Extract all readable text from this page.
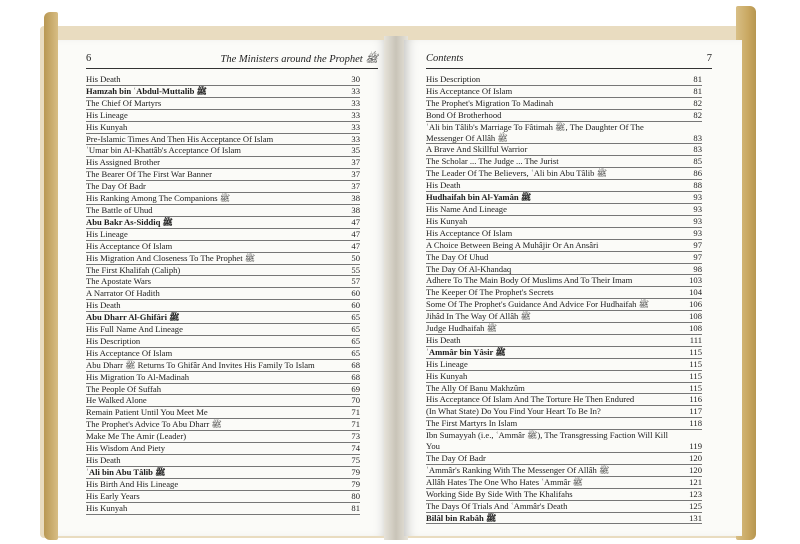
6	The Ministers around the Prophet ﷺ
His Death	30
Hamzah bin ʿAbdul-Muttalib ﷺ	33
The Chief Of Martyrs	33
His Lineage	33
His Kunyah	33
Pre-Islamic Times And Then His Acceptance Of Islam	33
ʿUmar bin Al-Khattâb's Acceptance Of Islam	35
His Assigned Brother	37
The Bearer Of The First War Banner	37
The Day Of Badr	37
His Ranking Among The Companions ﷺ	38
The Battle of Uhud	38
Abu Bakr As-Siddiq ﷺ	47
His Lineage	47
His Acceptance Of Islam	47
His Migration And Closeness To The Prophet ﷺ	50
The First Khalifah (Caliph)	55
The Apostate Wars	57
A Narrator Of Hadith	60
His Death	60
Abu Dharr Al-Ghifâri ﷺ	65
His Full Name And Lineage	65
His Description	65
His Acceptance Of Islam	65
Abu Dharr ﷺ Returns To Ghifâr And Invites His Family To Islam	68
His Migration To Al-Madinah	68
The People Of Suffah	69
He Walked Alone	70
Remain Patient Until You Meet Me	71
The Prophet's Advice To Abu Dharr ﷺ	71
Make Me The Amir (Leader)	73
His Wisdom And Piety	74
His Death	75
ʿAli bin Abu Tâlib ﷺ	79
His Birth And His Lineage	79
His Early Years	80
His Kunyah	81
Contents	7
His Description	81
His Acceptance Of Islam	81
The Prophet's Migration To Madinah	82
Bond Of Brotherhood	82
ʿAli bin Tâlib's Marriage To Fâtimah ﷺ, The Daughter Of The Messenger Of Allâh ﷺ	83
A Brave And Skillful Warrior	83
The Scholar ... The Judge ... The Jurist	85
The Leader Of The Believers, ʿAli bin Abu Tâlib ﷺ	86
His Death	88
Hudhaifah bin Al-Yamân ﷺ	93
His Name And Lineage	93
His Kunyah	93
His Acceptance Of Islam	93
A Choice Between Being A Muhâjir Or An Ansâri	97
The Day Of Uhud	97
The Day Of Al-Khandaq	98
Adhere To The Main Body Of Muslims And To Their Imam	103
The Keeper Of The Prophet's Secrets	104
Some Of The Prophet's Guidance And Advice For Hudhaifah ﷺ	106
Jihâd In The Way Of Allâh ﷺ	108
Judge Hudhaifah ﷺ	108
His Death	111
ʿAmmâr bin Yâsir ﷺ	115
His Lineage	115
His Kunyah	115
The Ally Of Banu Makhzûm	115
His Acceptance Of Islam And The Torture He Then Endured	116
(In What State) Do You Find Your Heart To Be In?	117
The First Martyrs In Islam	118
Ibn Sumayyah (i.e., ʿAmmâr ﷺ), The Transgressing Faction Will Kill You	119
The Day Of Badr	120
ʿAmmâr's Ranking With The Messenger Of Allâh ﷺ	120
Allâh Hates The One Who Hates ʿAmmâr ﷺ	121
Working Side By Side With The Khalifahs	123
The Days Of Trials And ʿAmmâr's Death	125
Bilâl bin Rabâh ﷺ	131
